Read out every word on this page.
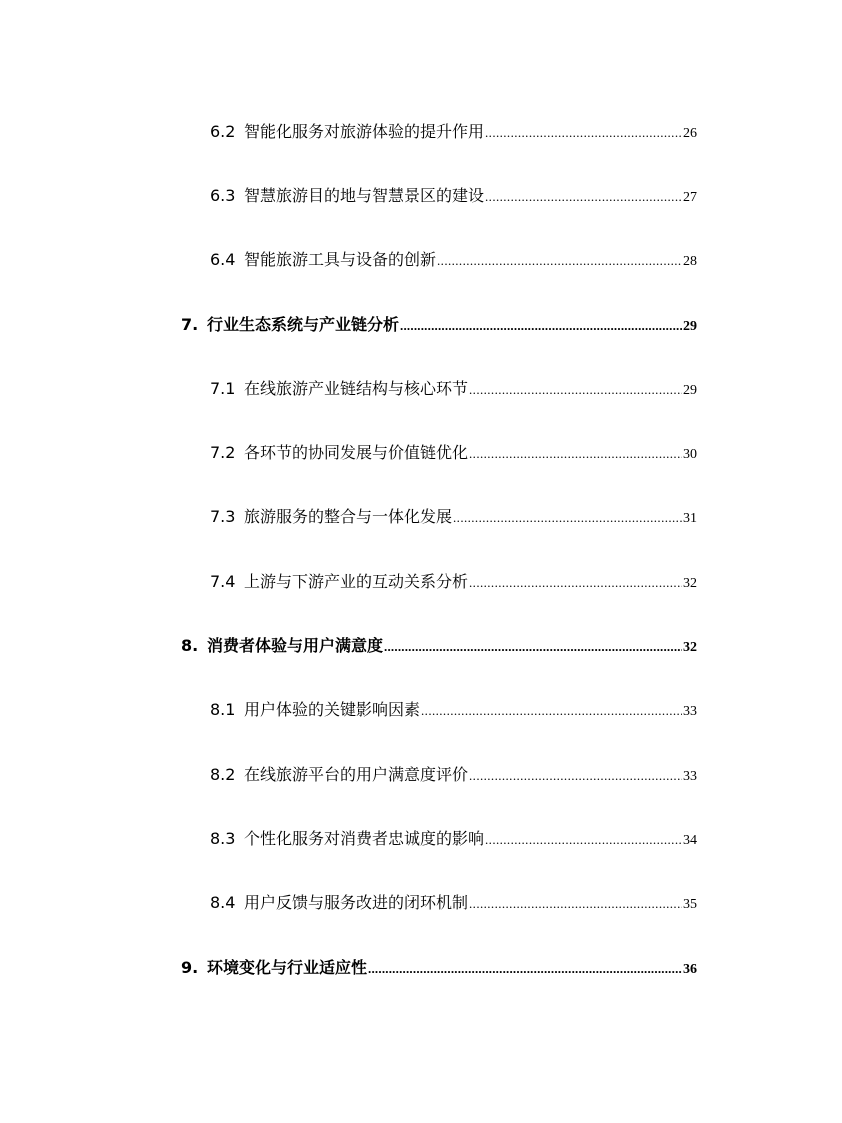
6.2 智能化服务对旅游体验的提升作用 .....	26
6.3 智慧旅游目的地与智慧景区的建设 .....	27
6.4 智能旅游工具与设备的创新 .....	28
7. 行业生态系统与产业链分析 .....	29
7.1 在线旅游产业链结构与核心环节 .....	29
7.2 各环节的协同发展与价值链优化 .....	30
7.3 旅游服务的整合与一体化发展 .....	31
7.4 上游与下游产业的互动关系分析 .....	32
8. 消费者体验与用户满意度 .....	32
8.1 用户体验的关键影响因素 .....	33
8.2 在线旅游平台的用户满意度评价 .....	33
8.3 个性化服务对消费者忠诚度的影响 .....	34
8.4 用户反馈与服务改进的闭环机制 .....	35
9. 环境变化与行业适应性 .....	36
